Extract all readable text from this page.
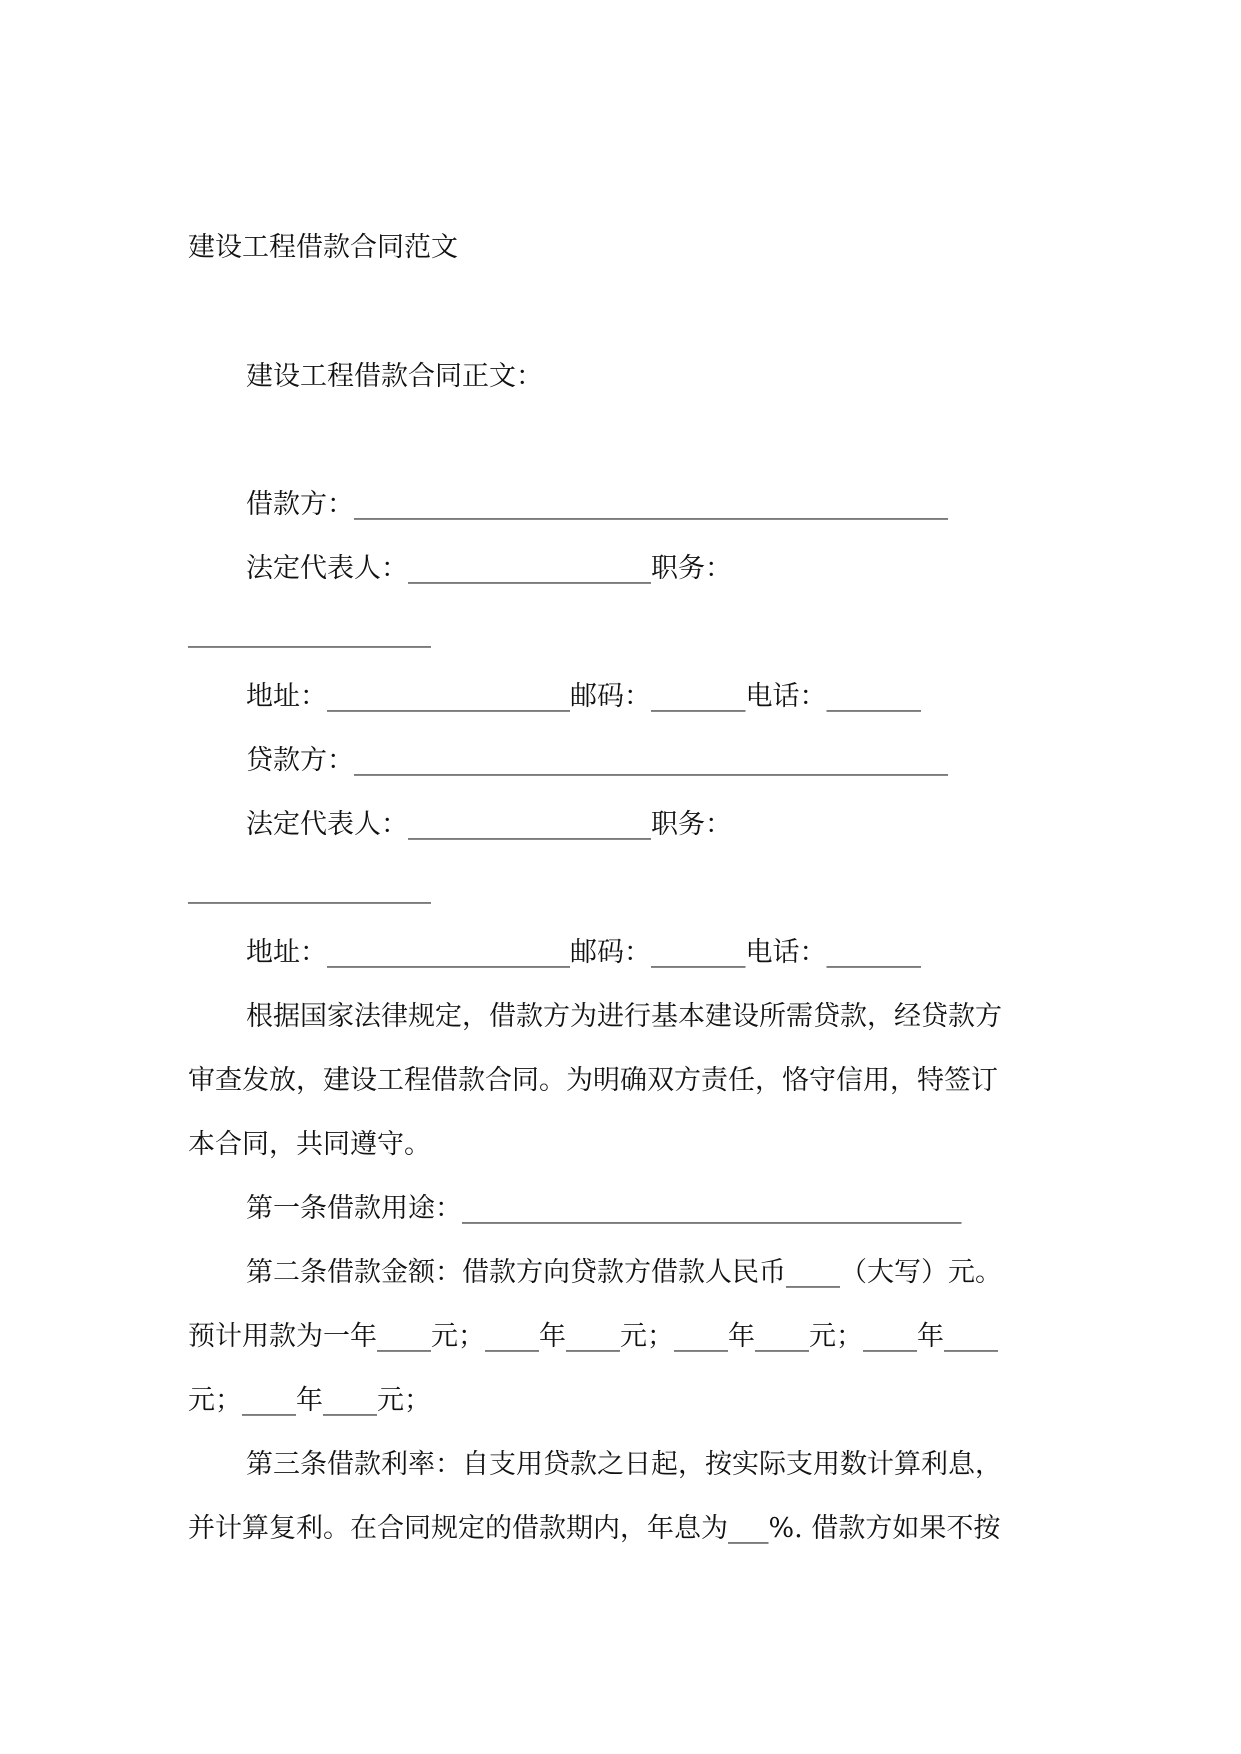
建设工程借款合同范文
建设工程借款合同正文：
借款方：____________________________________________
法定代表人：__________________职务：
__________________
地址：__________________邮码：_______电话：_______
贷款方：____________________________________________
法定代表人：__________________职务：
__________________
地址：__________________邮码：_______电话：_______
根据国家法律规定，借款方为进行基本建设所需贷款，经贷款方
审查发放，建设工程借款合同。为明确双方责任，恪守信用，特签订
本合同，共同遵守。
第一条借款用途：_____________________________________
第二条借款金额：借款方向贷款方借款人民币____（大写）元。
预计用款为一年____元；____年____元；____年____元；____年____
元；____年____元；
第三条借款利率：自支用贷款之日起，按实际支用数计算利息，
并计算复利。在合同规定的借款期内，年息为___%. 借款方如果不按
